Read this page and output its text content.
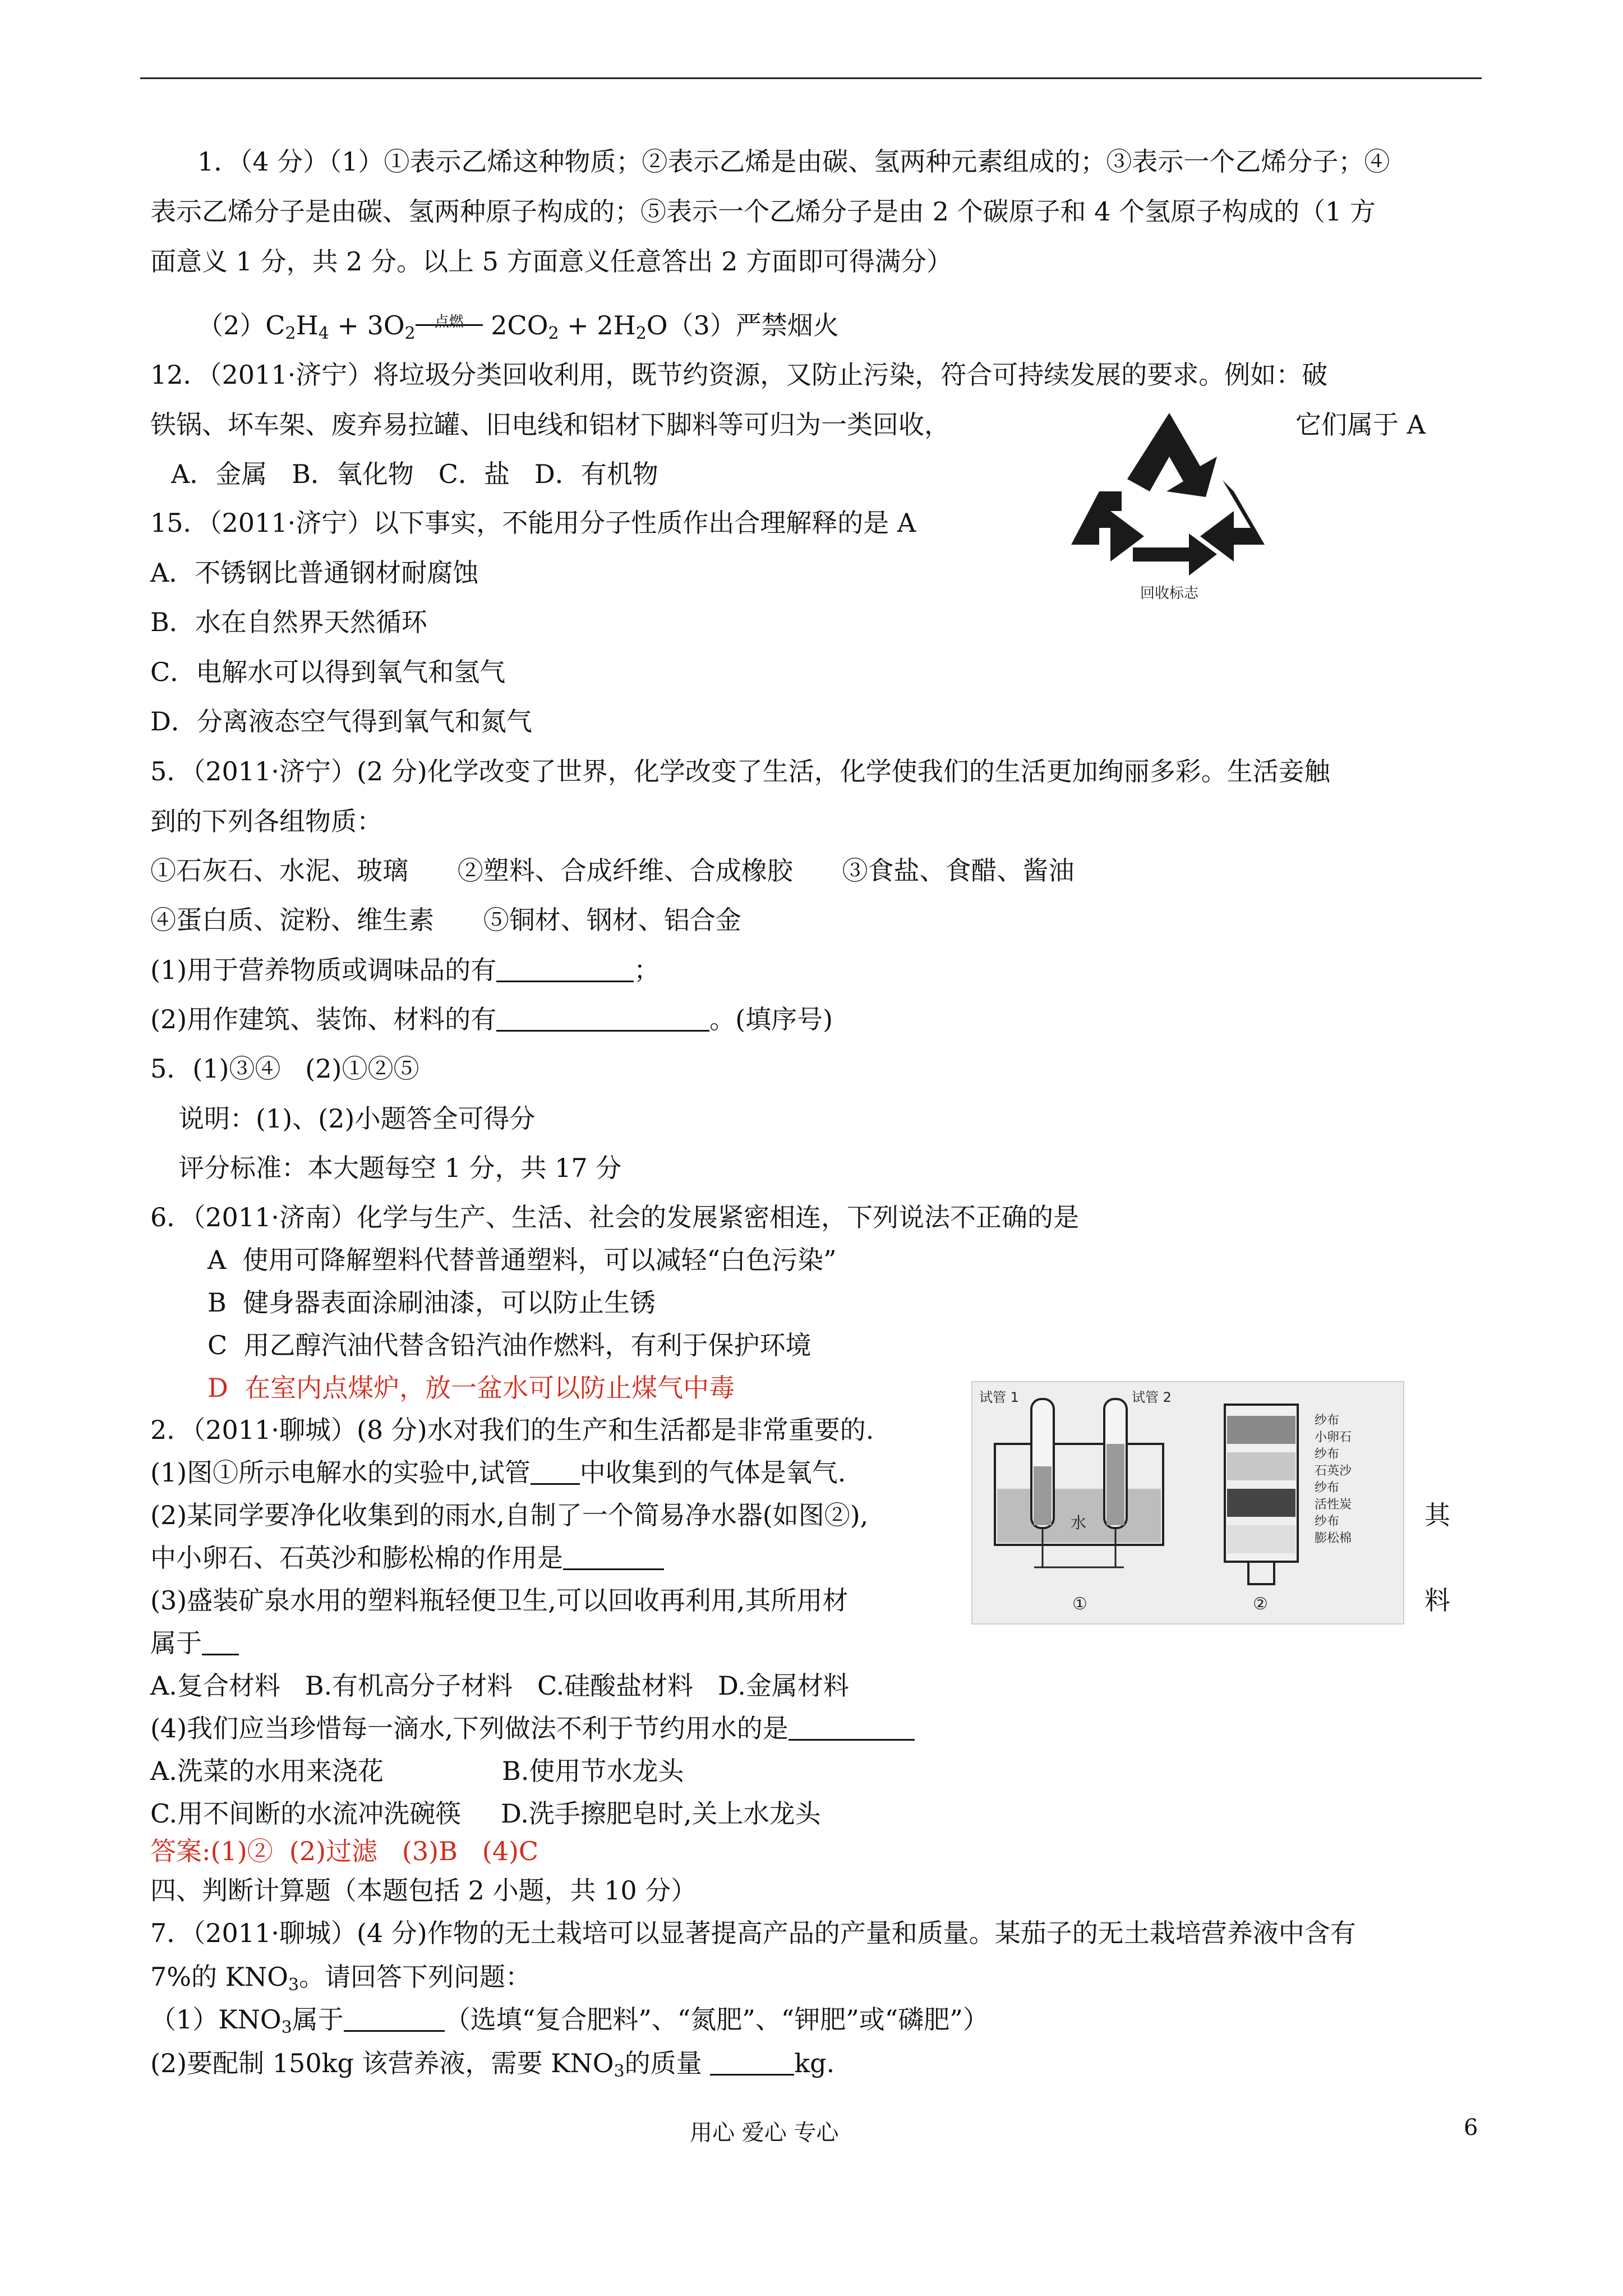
1．（4 分）（1）①表示乙烯这种物质；②表示乙烯是由碳、氢两种元素组成的；③表示一个乙烯分子；④
表示乙烯分子是由碳、氢两种原子构成的；⑤表示一个乙烯分子是由 2 个碳原子和 4 个氢原子构成的（1 方
面意义 1 分，共 2 分。以上 5 方面意义任意答出 2 方面即可得满分）
$(2)C_2H_4 + 3O_2$
点燃 $2CO_2 + 2H_2O(3)$严禁烟火
12．（2011·济宁）将垃圾分类回收利用，既节约资源，又防止污染，符合可持续发展的要求。例如：破
铁锅、坏车架、废弃易拉罐、旧电线和铝材下脚料等可归为一类回收，	它们属于 A
A．金属   B．氧化物   C．盐   D．有机物
回收标志
15．（2011·济宁）以下事实，不能用分子性质作出合理解释的是 A
A．不锈钢比普通钢材耐腐蚀
B．水在自然界天然循环
C．电解水可以得到氧气和氢气
D．分离液态空气得到氧气和氮气
5．（2011·济宁）(2 分)化学改变了世界，化学改变了生活，化学使我们的生活更加绚丽多彩。生活妾触
到的下列各组物质：
①石灰石、水泥、玻璃      ②塑料、合成纤维、合成橡胶      ③食盐、食醋、酱油
④蛋白质、淀粉、维生素      ⑤铜材、钢材、铝合金
(1)用于营养物质或调味品的有	；
(2)用作建筑、装饰、材料的有	。(填序号)
5．(1)③④   (2)①②⑤
说明：(1)、(2)小题答全可得分
评分标准：本大题每空 1 分，共 17 分
6．（2011·济南）化学与生产、生活、社会的发展紧密相连，下列说法不正确的是
A  使用可降解塑料代替普通塑料，可以减轻“白色污染”
B  健身器表面涂刷油漆，可以防止生锈
C  用乙醇汽油代替含铅汽油作燃料，有利于保护环境
D  在室内点煤炉，放一盆水可以防止煤气中毒	试管 1	试管 2
水
①	②
纱布
小卵石
纱布
石英沙
纱布
活性炭
纱布
膨松棉
2．（2011·聊城）(8 分)水对我们的生产和生活都是非常重要的.
(1)图①所示电解水的实验中,试管 中收集到的气体是氧气.
(2)某同学要净化收集到的雨水,自制了一个简易净水器(如图②),	其
中小卵石、石英沙和膨松棉的作用是
(3)盛装矿泉水用的塑料瓶轻便卫生,可以回收再利用,其所用材	料
属于
A.复合材料   B.有机高分子材料   C.硅酸盐材料   D.金属材料
(4)我们应当珍惜每一滴水,下列做法不利于节约用水的是
A.洗菜的水用来浇花	B.使用节水龙头
C.用不间断的水流冲洗碗筷 D.洗手擦肥皂时,关上水龙头
答案:(1)②  (2)过滤   (3)B   (4)C
四、判断计算题（本题包括 2 小题，共 10 分）
7．（2011·聊城）(4 分)作物的无土栽培可以显著提高产品的产量和质量。某茄子的无土栽培营养液中含有
7%的 $KNO_3$。请回答下列问题：
$(1)KNO_3$属于	（选填“复合肥料”、“氮肥”、“钾肥”或“磷肥”）
(2)要配制 150kg 该营养液，需要 $KNO_3$的质量	kg.
用心 爱心 专心	6
